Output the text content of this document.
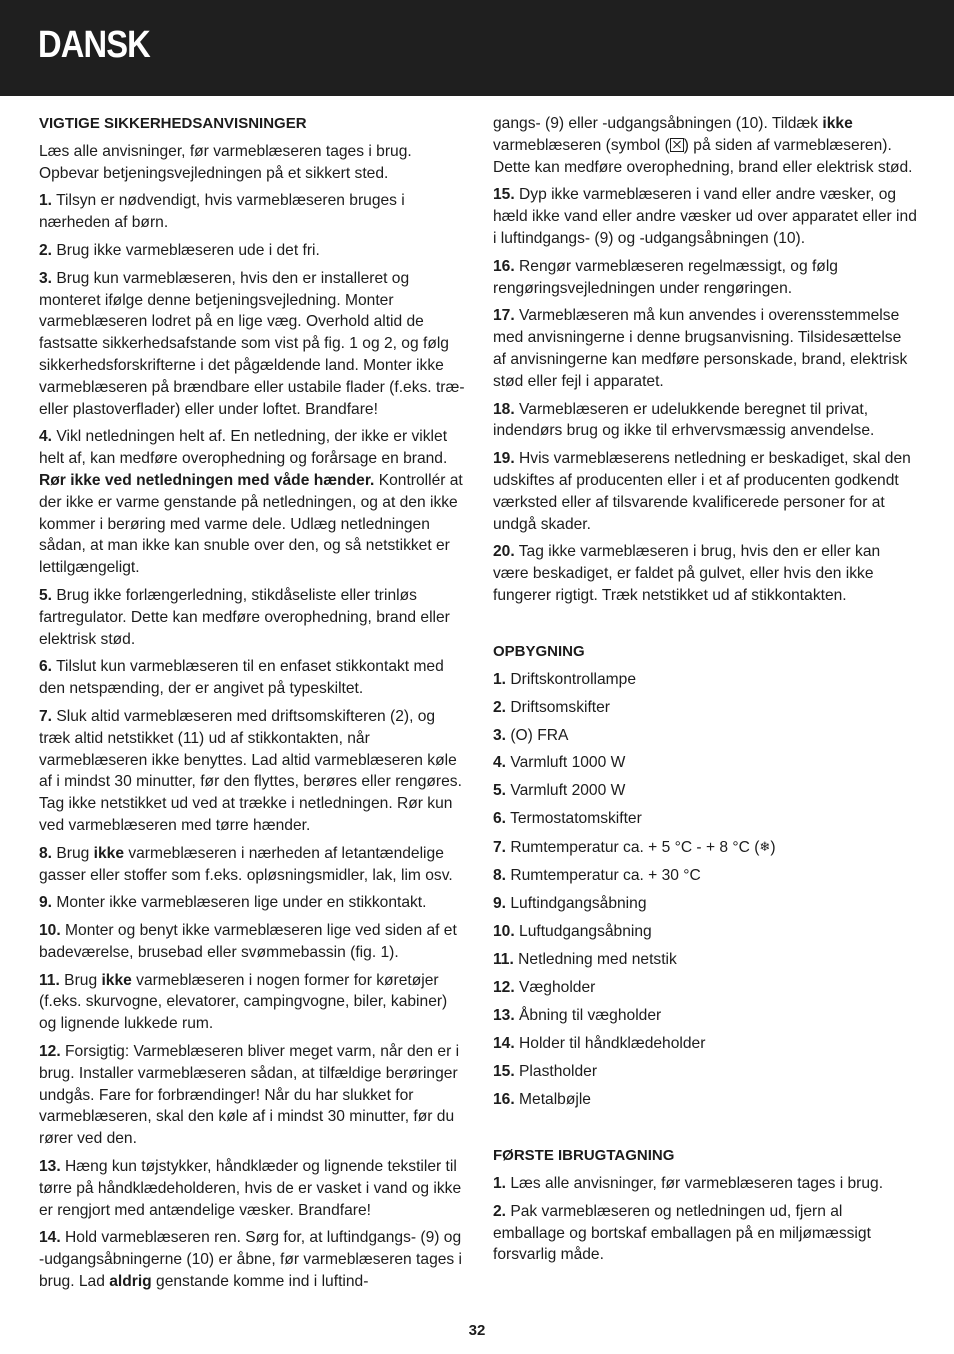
DANSK
VIGTIGE SIKKERHEDSANVISNINGER

Læs alle anvisninger, før varmeblæseren tages i brug. Opbevar betjeningsvejledningen på et sikkert sted.

1. Tilsyn er nødvendigt, hvis varmeblæseren bruges i nærheden af børn.

2. Brug ikke varmeblæseren ude i det fri.

3. Brug kun varmeblæseren, hvis den er installeret og monteret ifølge denne betjeningsvejledning. Monter varmeblæseren lodret på en lige væg. Overhold altid de fastsatte sikkerhedsafstande som vist på fig. 1 og 2, og følg sikkerhedsforskrifterne i det pågældende land. Monter ikke varmeblæseren på brændbare eller ustabile flader (f.eks. træ- eller plastoverflader) eller under loftet. Brandfare!

4. Vikl netledningen helt af. En netledning, der ikke er viklet helt af, kan medføre overophedning og forårsage en brand. Rør ikke ved netledningen med våde hænder. Kontrollér at der ikke er varme genstande på netledningen, og at den ikke kommer i berøring med varme dele. Udlæg netledningen sådan, at man ikke kan snuble over den, og så netstikket er lettilgængeligt.

5. Brug ikke forlængerledning, stikdåseliste eller trinløs fartregulator. Dette kan medføre overophedning, brand eller elektrisk stød.

6. Tilslut kun varmeblæseren til en enfaset stikkontakt med den netspænding, der er angivet på typeskiltet.

7. Sluk altid varmeblæseren med driftsomskifteren (2), og træk altid netstikket (11) ud af stikkontakten, når varmeblæseren ikke benyttes. Lad altid varmeblæseren køle af i mindst 30 minutter, før den flyttes, berøres eller rengøres. Tag ikke netstikket ud ved at trække i netledningen. Rør kun ved varmeblæseren med tørre hænder.

8. Brug ikke varmeblæseren i nærheden af letantændelige gasser eller stoffer som f.eks. opløsningsmidler, lak, lim osv.

9. Monter ikke varmeblæseren lige under en stikkontakt.

10. Monter og benyt ikke varmeblæseren lige ved siden af et badeværelse, brusebad eller svømmebassin (fig. 1).

11. Brug ikke varmeblæseren i nogen former for køretøjer (f.eks. skurvogne, elevatorer, campingvogne, biler, kabiner) og lignende lukkede rum.

12. Forsigtig: Varmeblæseren bliver meget varm, når den er i brug. Installer varmeblæseren sådan, at tilfældige berøringer undgås. Fare for forbrændinger! Når du har slukket for varmeblæseren, skal den køle af i mindst 30 minutter, før du rører ved den.

13. Hæng kun tøjstykker, håndklæder og lignende tekstiler til tørre på håndklædeholderen, hvis de er vasket i vand og ikke er rengjort med antændelige væsker. Brandfare!

14. Hold varmeblæseren ren. Sørg for, at luftindgangs- (9) og -udgangsåbningerne (10) er åbne, før varmeblæseren tages i brug. Lad aldrig genstande komme ind i luftind-

gangs- (9) eller -udgangsåbningen (10). Tildæk ikke varmeblæseren (symbol ( ) på siden af varmeblæseren). Dette kan medføre overophedning, brand eller elektrisk stød.

15. Dyp ikke varmeblæseren i vand eller andre væsker, og hæld ikke vand eller andre væsker ud over apparatet eller ind i luftindgangs- (9) og -udgangsåbningen (10).

16. Rengør varmeblæseren regelmæssigt, og følg rengøringsvejledningen under rengøringen.

17. Varmeblæseren må kun anvendes i overensstemmelse med anvisningerne i denne brugsanvisning. Tilsidesættelse af anvisningerne kan medføre personskade, brand, elektrisk stød eller fejl i apparatet.

18. Varmeblæseren er udelukkende beregnet til privat, indendørs brug og ikke til erhvervsmæssig anvendelse.

19. Hvis varmeblæserens netledning er beskadiget, skal den udskiftes af producenten eller i et af producenten godkendt værksted eller af tilsvarende kvalificerede personer for at undgå skader.

20. Tag ikke varmeblæseren i brug, hvis den er eller kan være beskadiget, er faldet på gulvet, eller hvis den ikke fungerer rigtigt. Træk netstikket ud af stikkontakten.

OPBYGNING
1. Driftskontrollampe
2. Driftsomskifter
3. (O) FRA
4. Varmluft 1000 W
5. Varmluft 2000 W
6. Termostatomskifter
7. Rumtemperatur ca. + 5 °C - + 8 °C (❄)
8. Rumtemperatur ca. + 30 °C
9. Luftindgangsåbning
10. Luftudgangsåbning
11. Netledning med netstik
12. Vægholder
13. Åbning til vægholder
14. Holder til håndklædeholder
15. Plastholder
16. Metalbøjle
FØRSTE IBRUGTAGNING

1. Læs alle anvisninger, før varmeblæseren tages i brug.

2. Pak varmeblæseren og netledningen ud, fjern al emballage og bortskaf emballagen på en miljømæssigt forsvarlig måde.

32
